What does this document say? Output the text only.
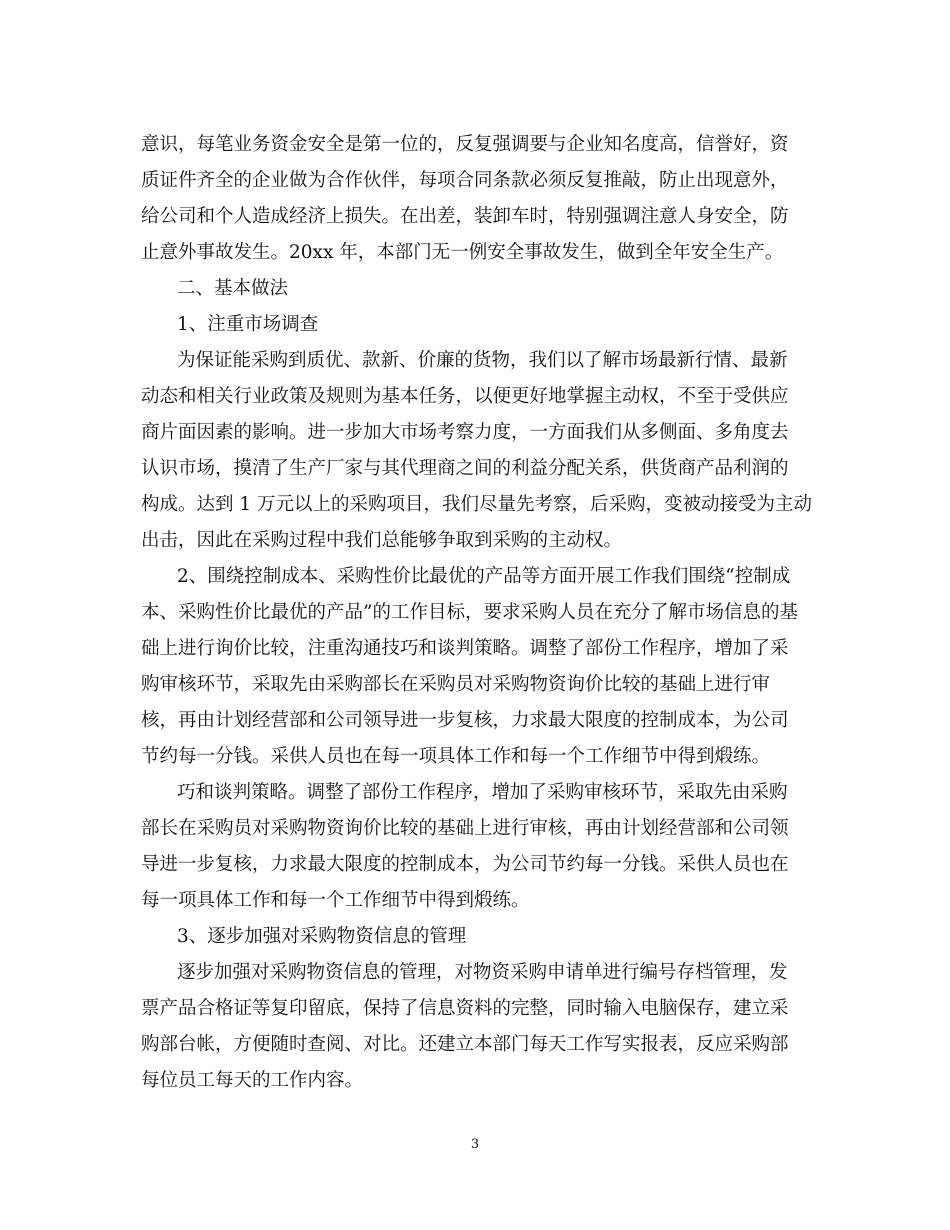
意识，每笔业务资金安全是第一位的，反复强调要与企业知名度高，信誉好，资
质证件齐全的企业做为合作伙伴，每项合同条款必须反复推敲，防止出现意外，
给公司和个人造成经济上损失。在出差，装卸车时，特别强调注意人身安全，防
止意外事故发生。20xx 年，本部门无一例安全事故发生，做到全年安全生产。
二、基本做法
1、注重市场调查
为保证能采购到质优、款新、价廉的货物，我们以了解市场最新行情、最新
动态和相关行业政策及规则为基本任务，以便更好地掌握主动权，不至于受供应
商片面因素的影响。进一步加大市场考察力度，一方面我们从多侧面、多角度去
认识市场，摸清了生产厂家与其代理商之间的利益分配关系，供货商产品利润的
构成。达到 1 万元以上的采购项目，我们尽量先考察，后采购，变被动接受为主动
出击，因此在采购过程中我们总能够争取到采购的主动权。
2、围绕控制成本、采购性价比最优的产品等方面开展工作我们围绕“控制成
本、采购性价比最优的产品”的工作目标，要求采购人员在充分了解市场信息的基
础上进行询价比较，注重沟通技巧和谈判策略。调整了部份工作程序，增加了采
购审核环节，采取先由采购部长在采购员对采购物资询价比较的基础上进行审
核，再由计划经营部和公司领导进一步复核，力求最大限度的控制成本，为公司
节约每一分钱。采供人员也在每一项具体工作和每一个工作细节中得到煅练。
巧和谈判策略。调整了部份工作程序，增加了采购审核环节，采取先由采购
部长在采购员对采购物资询价比较的基础上进行审核，再由计划经营部和公司领
导进一步复核，力求最大限度的控制成本，为公司节约每一分钱。采供人员也在
每一项具体工作和每一个工作细节中得到煅练。
3、逐步加强对采购物资信息的管理
逐步加强对采购物资信息的管理，对物资采购申请单进行编号存档管理，发
票产品合格证等复印留底，保持了信息资料的完整，同时输入电脑保存，建立采
购部台帐，方便随时查阅、对比。还建立本部门每天工作写实报表，反应采购部
每位员工每天的工作内容。
3
